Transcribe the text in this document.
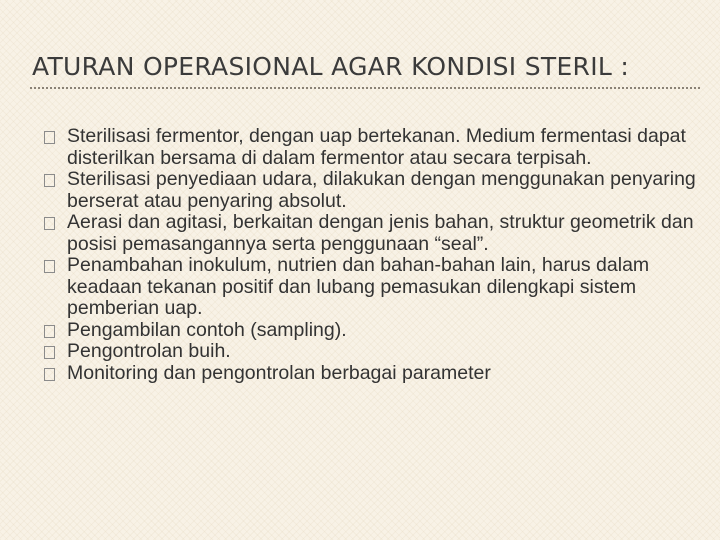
ATURAN OPERASIONAL AGAR KONDISI STERIL :
Sterilisasi fermentor, dengan uap bertekanan. Medium fermentasi dapat disterilkan bersama di dalam fermentor atau secara terpisah.
Sterilisasi penyediaan udara, dilakukan dengan menggunakan penyaring berserat atau penyaring absolut.
Aerasi dan agitasi, berkaitan dengan jenis bahan, struktur geometrik dan posisi pemasangannya serta penggunaan “seal”.
Penambahan inokulum, nutrien dan bahan-bahan lain, harus dalam keadaan tekanan positif dan lubang pemasukan dilengkapi sistem pemberian uap.
Pengambilan contoh (sampling).
Pengontrolan buih.
Monitoring dan pengontrolan berbagai parameter
